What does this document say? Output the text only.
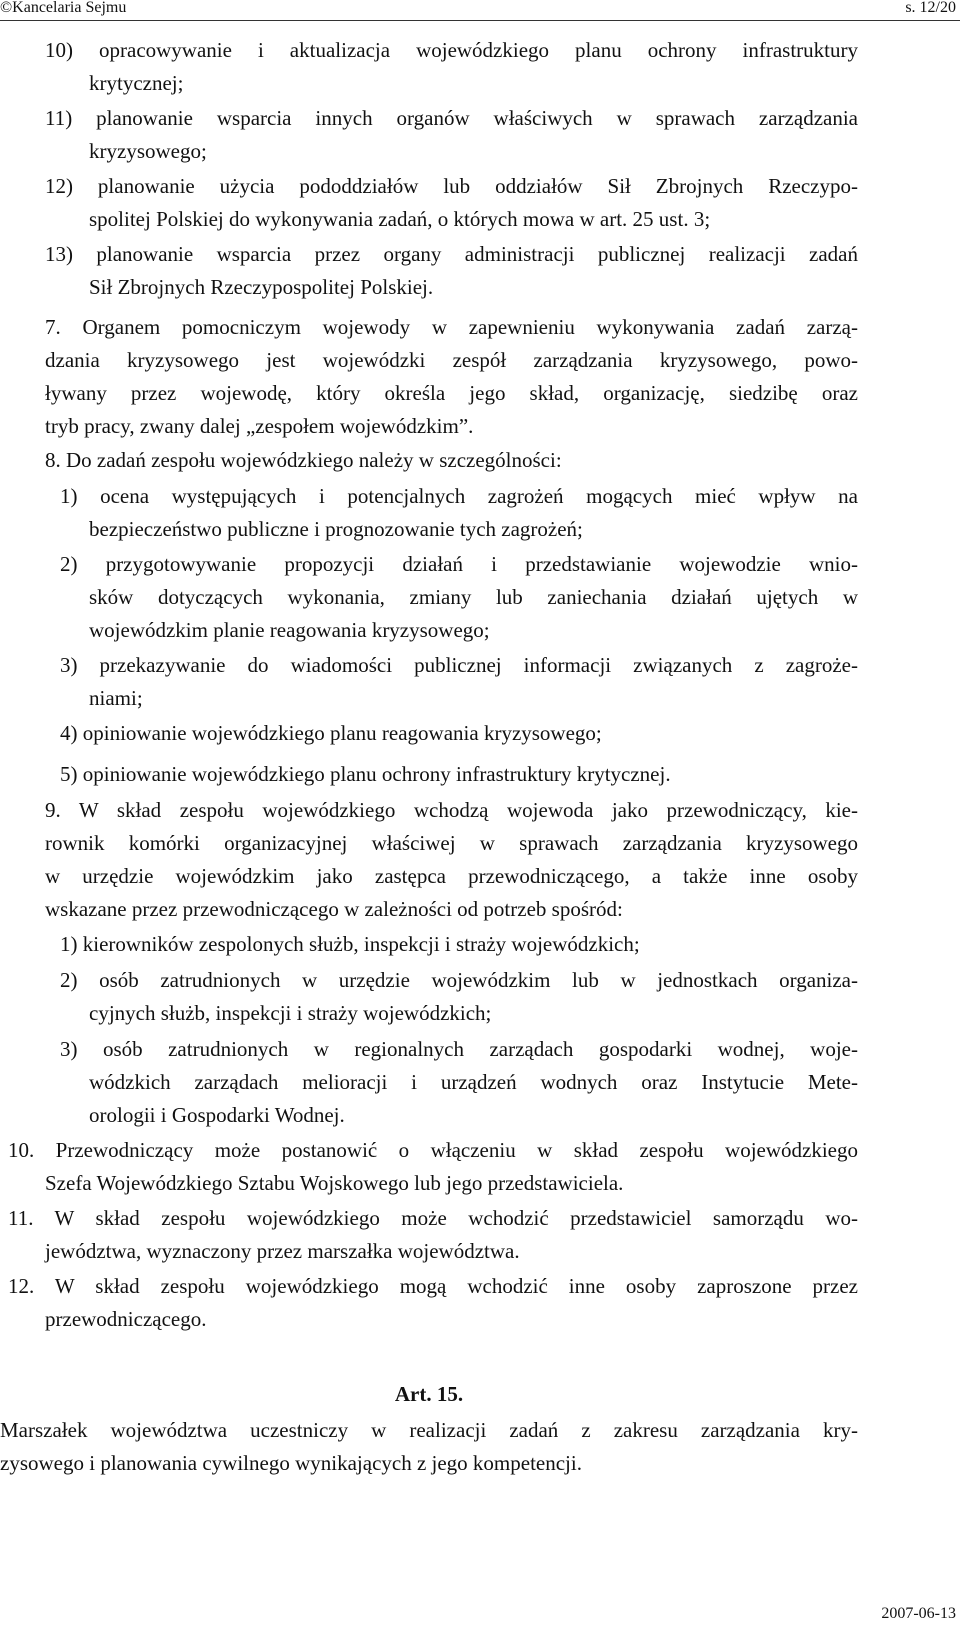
©Kancelaria Sejmu	s. 12/20
10) opracowywanie i aktualizacja wojewódzkiego planu ochrony infrastruktury
krytycznej;
11) planowanie wsparcia innych organów właściwych w sprawach zarządzania
kryzysowego;
12) planowanie użycia pododdziałów lub oddziałów Sił Zbrojnych Rzeczypo-
spolitej Polskiej do wykonywania zadań, o których mowa w art. 25 ust. 3;
13) planowanie wsparcia przez organy administracji publicznej realizacji zadań
Sił Zbrojnych Rzeczypospolitej Polskiej.
7. Organem pomocniczym wojewody w zapewnieniu wykonywania zadań zarzą-
dzania kryzysowego jest wojewódzki zespół zarządzania kryzysowego, powo-
ływany przez wojewodę, który określa jego skład, organizację, siedzibę oraz
tryb pracy, zwany dalej „zespołem wojewódzkim”.
8. Do zadań zespołu wojewódzkiego należy w szczególności:
1) ocena występujących i potencjalnych zagrożeń mogących mieć wpływ na
bezpieczeństwo publiczne i prognozowanie tych zagrożeń;
2) przygotowywanie propozycji działań i przedstawianie wojewodzie wnio-
sków dotyczących wykonania, zmiany lub zaniechania działań ujętych w
wojewódzkim planie reagowania kryzysowego;
3) przekazywanie do wiadomości publicznej informacji związanych z zagroże-
niami;
4) opiniowanie wojewódzkiego planu reagowania kryzysowego;
5) opiniowanie wojewódzkiego planu ochrony infrastruktury krytycznej.
9. W skład zespołu wojewódzkiego wchodzą wojewoda jako przewodniczący, kie-
rownik komórki organizacyjnej właściwej w sprawach zarządzania kryzysowego
w urzędzie wojewódzkim jako zastępca przewodniczącego, a także inne osoby
wskazane przez przewodniczącego w zależności od potrzeb spośród:
1) kierowników zespolonych służb, inspekcji i straży wojewódzkich;
2) osób zatrudnionych w urzędzie wojewódzkim lub w jednostkach organiza-
cyjnych służb, inspekcji i straży wojewódzkich;
3) osób zatrudnionych w regionalnych zarządach gospodarki wodnej, woje-
wódzkich zarządach melioracji i urządzeń wodnych oraz Instytucie Mete-
orologii i Gospodarki Wodnej.
10. Przewodniczący może postanowić o włączeniu w skład zespołu wojewódzkiego
Szefa Wojewódzkiego Sztabu Wojskowego lub jego przedstawiciela.
11. W skład zespołu wojewódzkiego może wchodzić przedstawiciel samorządu wo-
jewództwa, wyznaczony przez marszałka województwa.
12. W skład zespołu wojewódzkiego mogą wchodzić inne osoby zaproszone przez
przewodniczącego.
Art. 15.
Marszałek województwa uczestniczy w realizacji zadań z zakresu zarządzania kry-
zysowego i planowania cywilnego wynikających z jego kompetencji.
2007-06-13
